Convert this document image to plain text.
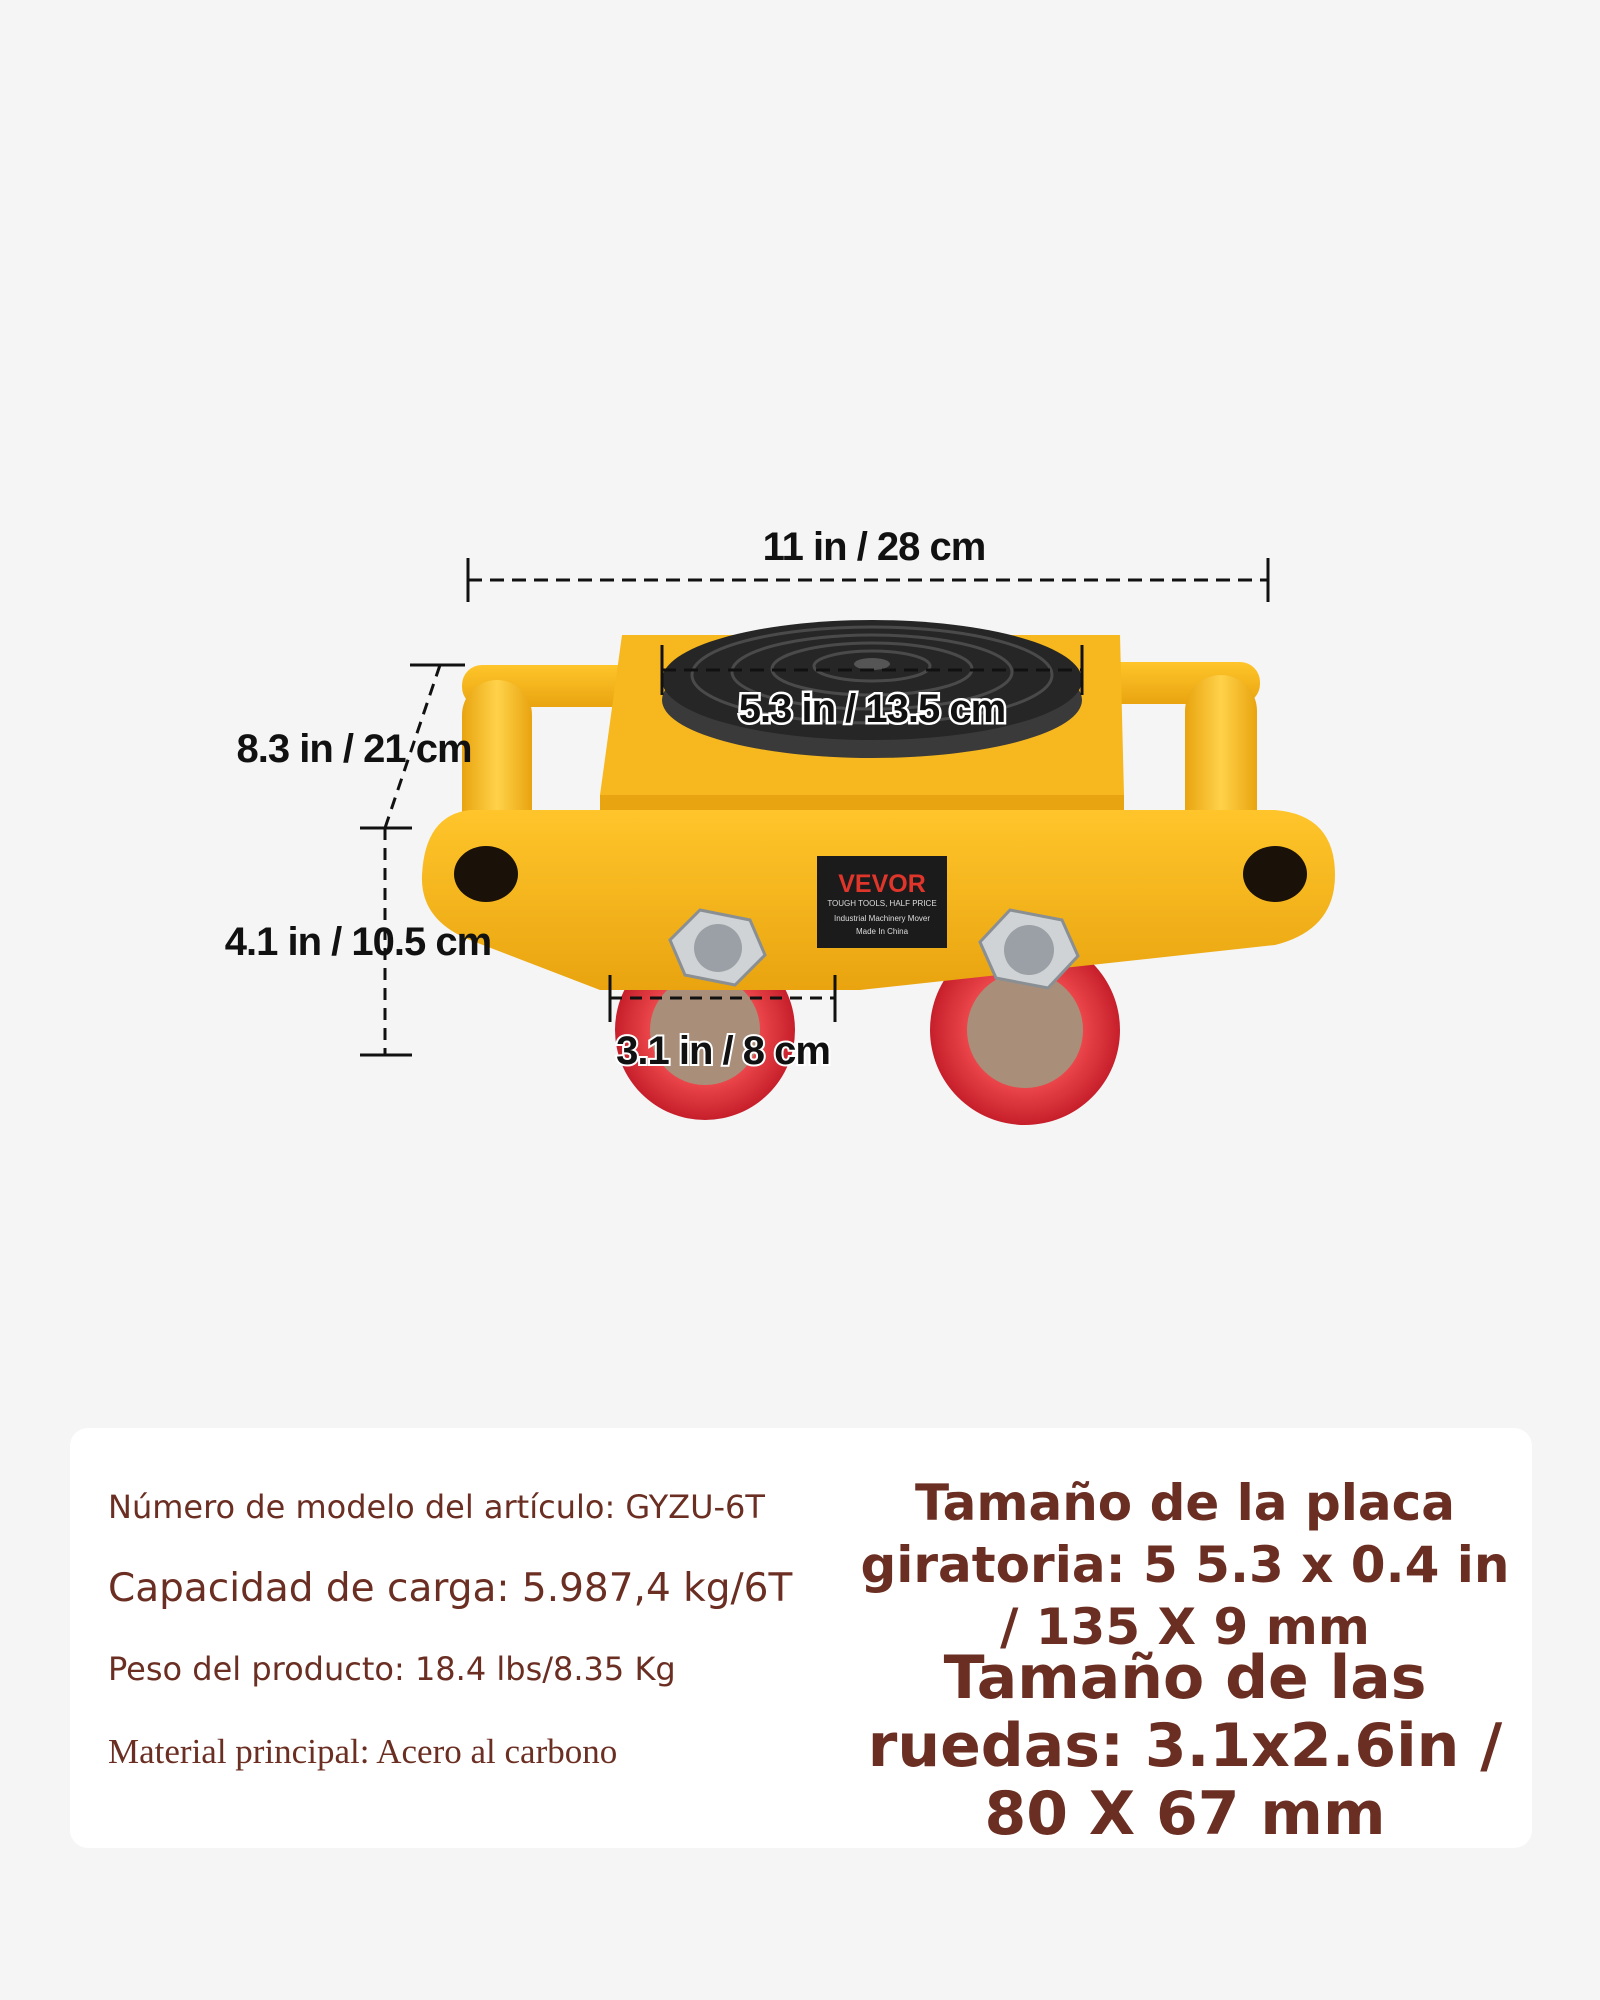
VEVOR
TOUGH TOOLS, HALF PRICE
Industrial Machinery Mover
Made In China
11 in / 28 cm
5.3 in / 13.5 cm
8.3 in / 21 cm
4.1 in / 10.5 cm
3.1 in / 8 cm
Número de modelo del artículo: GYZU-6T
Capacidad de carga: 5.987,4 kg/6T
Peso del producto: 18.4 lbs/8.35 Kg
Material principal: Acero al carbono
Tamaño de la placa giratoria: 5 5.3 x 0.4 in / 135 X 9 mm
Tamaño de las ruedas: 3.1x2.6in / 80 X 67 mm
